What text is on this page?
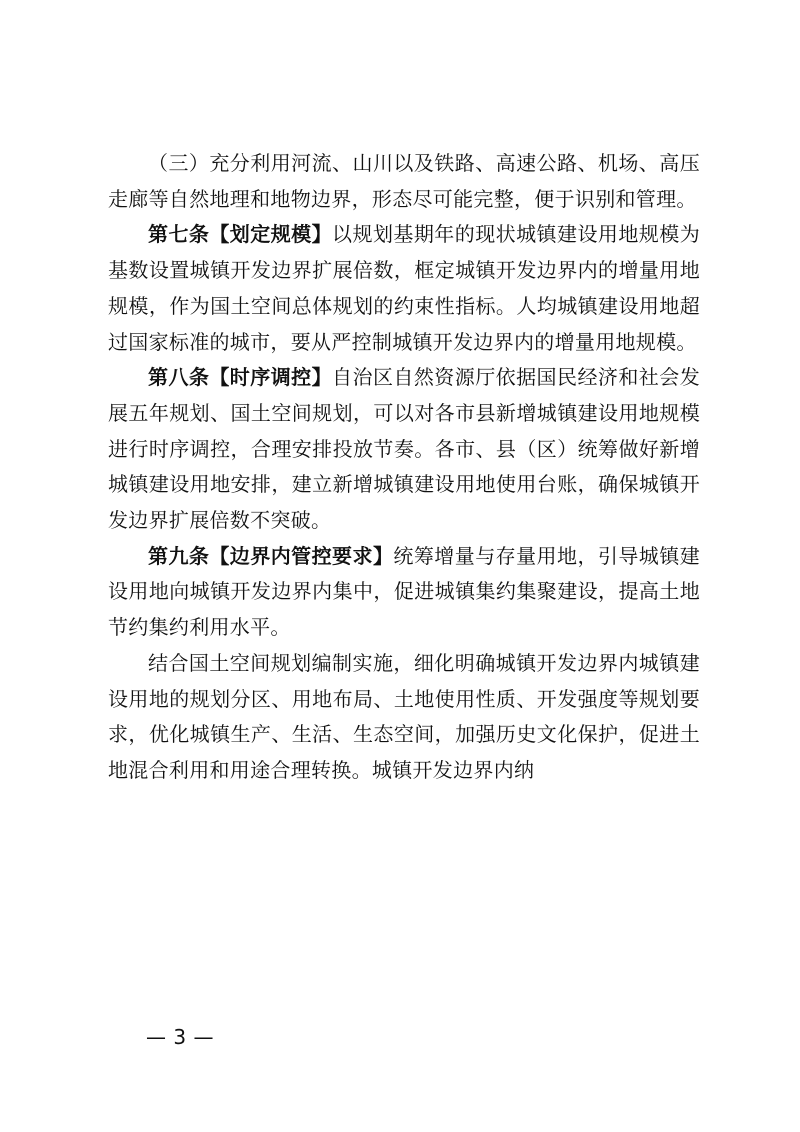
（三）充分利用河流、山川以及铁路、高速公路、机场、高压走廊等自然地理和地物边界，形态尽可能完整，便于识别和管理。

第七条【划定规模】以规划基期年的现状城镇建设用地规模为基数设置城镇开发边界扩展倍数，框定城镇开发边界内的增量用地规模，作为国土空间总体规划的约束性指标。人均城镇建设用地超过国家标准的城市，要从严控制城镇开发边界内的增量用地规模。

第八条【时序调控】自治区自然资源厅依据国民经济和社会发展五年规划、国土空间规划，可以对各市县新增城镇建设用地规模进行时序调控，合理安排投放节奏。各市、县（区）统筹做好新增城镇建设用地安排，建立新增城镇建设用地使用台账，确保城镇开发边界扩展倍数不突破。

第九条【边界内管控要求】统筹增量与存量用地，引导城镇建设用地向城镇开发边界内集中，促进城镇集约集聚建设，提高土地节约集约利用水平。

结合国土空间规划编制实施，细化明确城镇开发边界内城镇建设用地的规划分区、用地布局、土地使用性质、开发强度等规划要求，优化城镇生产、生活、生态空间，加强历史文化保护，促进土地混合利用和用途合理转换。城镇开发边界内纳

— 3 —
